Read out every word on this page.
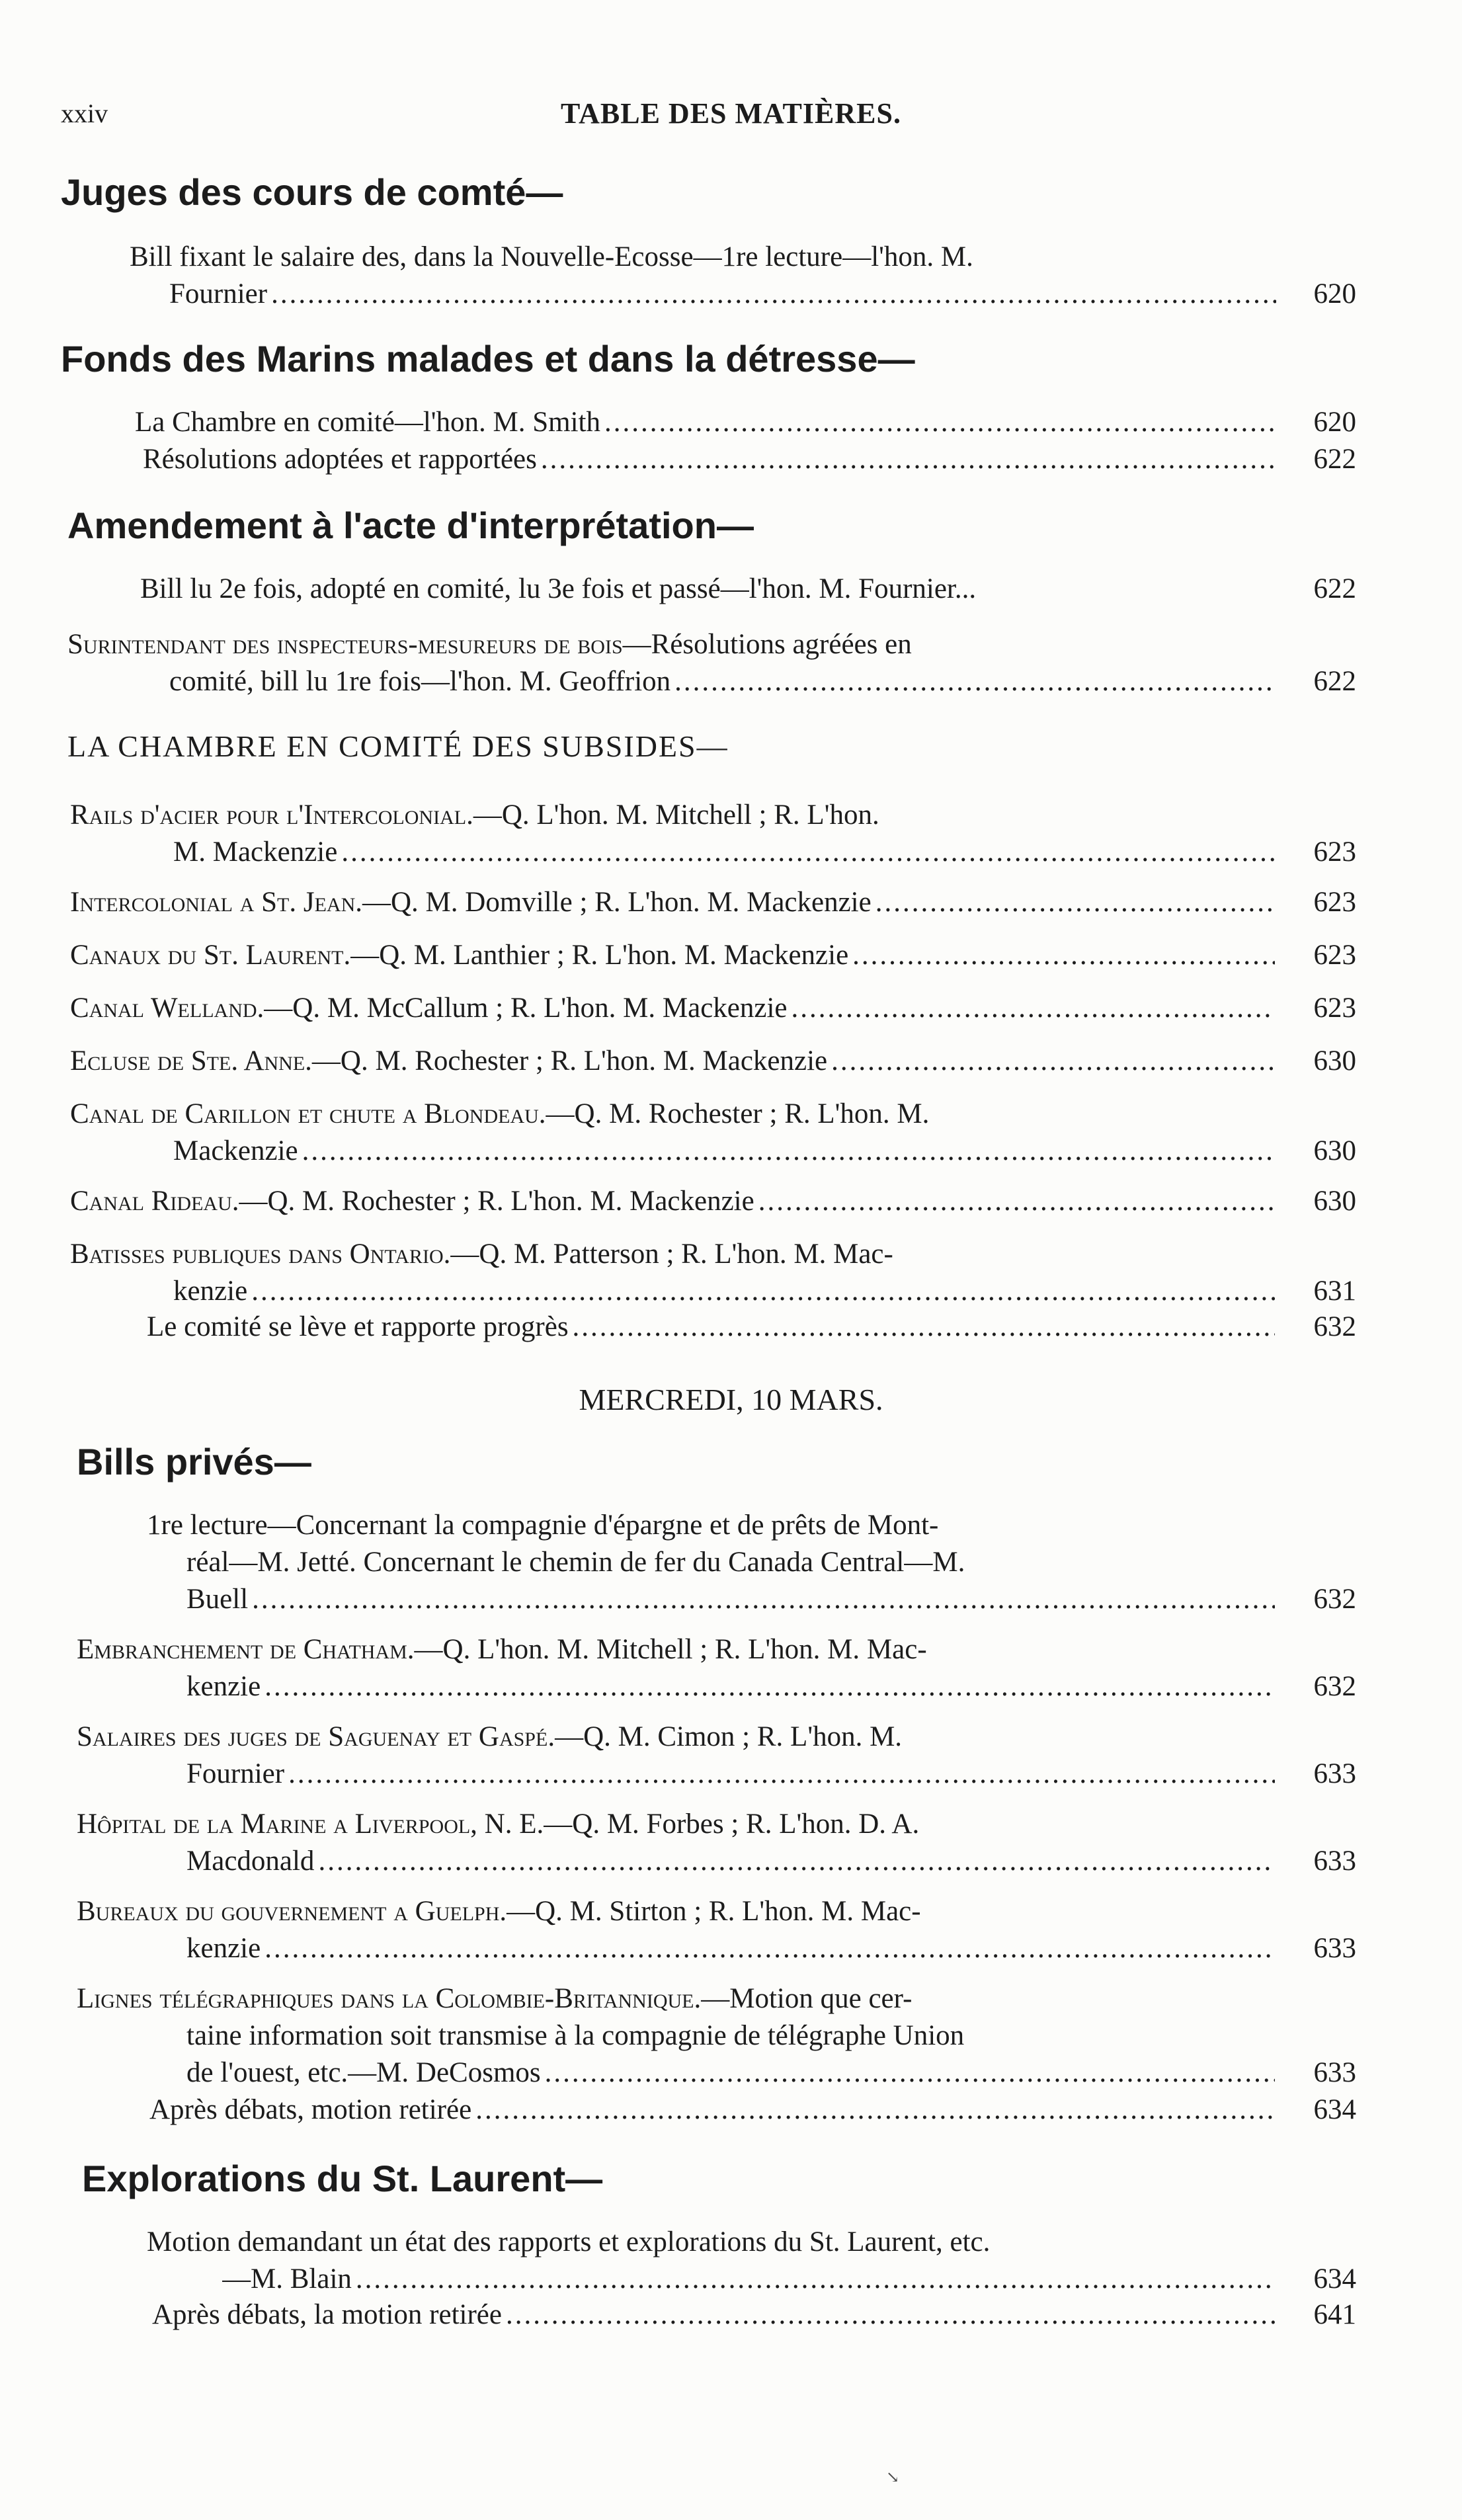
xxiv	TABLE DES MATIÈRES.
Juges des cours de comté—
Bill fixant le salaire des, dans la Nouvelle-Ecosse—1re lecture—l'hon. M.
Fournier .....	620
Fonds des Marins malades et dans la détresse—
La Chambre en comité—l'hon. M. Smith .....	620
Résolutions adoptées et rapportées .....	622
Amendement à l'acte d'interprétation—
Bill lu 2e fois, adopté en comité, lu 3e fois et passé—l'hon. M. Fournier...	622
Surintendant des inspecteurs-mesureurs de bois—Résolutions agréées en
comité, bill lu 1re fois—l'hon. M. Geoffrion .....	622
LA CHAMBRE EN COMITÉ DES SUBSIDES—
Rails d'acier pour l'Intercolonial.—Q. L'hon. M. Mitchell ; R. L'hon.
M. Mackenzie .....	623
Intercolonial a St. Jean.—Q. M. Domville ; R. L'hon. M. Mackenzie .....	623
Canaux du St. Laurent.—Q. M. Lanthier ; R. L'hon. M. Mackenzie .....	623
Canal Welland.—Q. M. McCallum ; R. L'hon. M. Mackenzie .....	623
Ecluse de Ste. Anne.—Q. M. Rochester ; R. L'hon. M. Mackenzie .....	630
Canal de Carillon et chute a Blondeau.—Q. M. Rochester ; R. L'hon. M.
Mackenzie .....	630
Canal Rideau.—Q. M. Rochester ; R. L'hon. M. Mackenzie .....	630
Batisses publiques dans Ontario.—Q. M. Patterson ; R. L'hon. M. Mac-
kenzie .....	631
Le comité se lève et rapporte progrès .....	632
MERCREDI, 10 MARS.
Bills privés—
1re lecture—Concernant la compagnie d'épargne et de prêts de Mont-
réal—M. Jetté. Concernant le chemin de fer du Canada Central—M.
Buell .....	632
Embranchement de Chatham.—Q. L'hon. M. Mitchell ; R. L'hon. M. Mac-
kenzie .....	632
Salaires des juges de Saguenay et Gaspé.—Q. M. Cimon ; R. L'hon. M.
Fournier .....	633
Hôpital de la Marine a Liverpool, N. E.—Q. M. Forbes ; R. L'hon. D. A.
Macdonald .....	633
Bureaux du gouvernement a Guelph.—Q. M. Stirton ; R. L'hon. M. Mac-
kenzie .....	633
Lignes télégraphiques dans la Colombie-Britannique.—Motion que cer-
taine information soit transmise à la compagnie de télégraphe Union
de l'ouest, etc.—M. DeCosmos .....	633
Après débats, motion retirée .....	634
Explorations du St. Laurent—
Motion demandant un état des rapports et explorations du St. Laurent, etc.
—M. Blain .....	634
Après débats, la motion retirée .....	641
↘
